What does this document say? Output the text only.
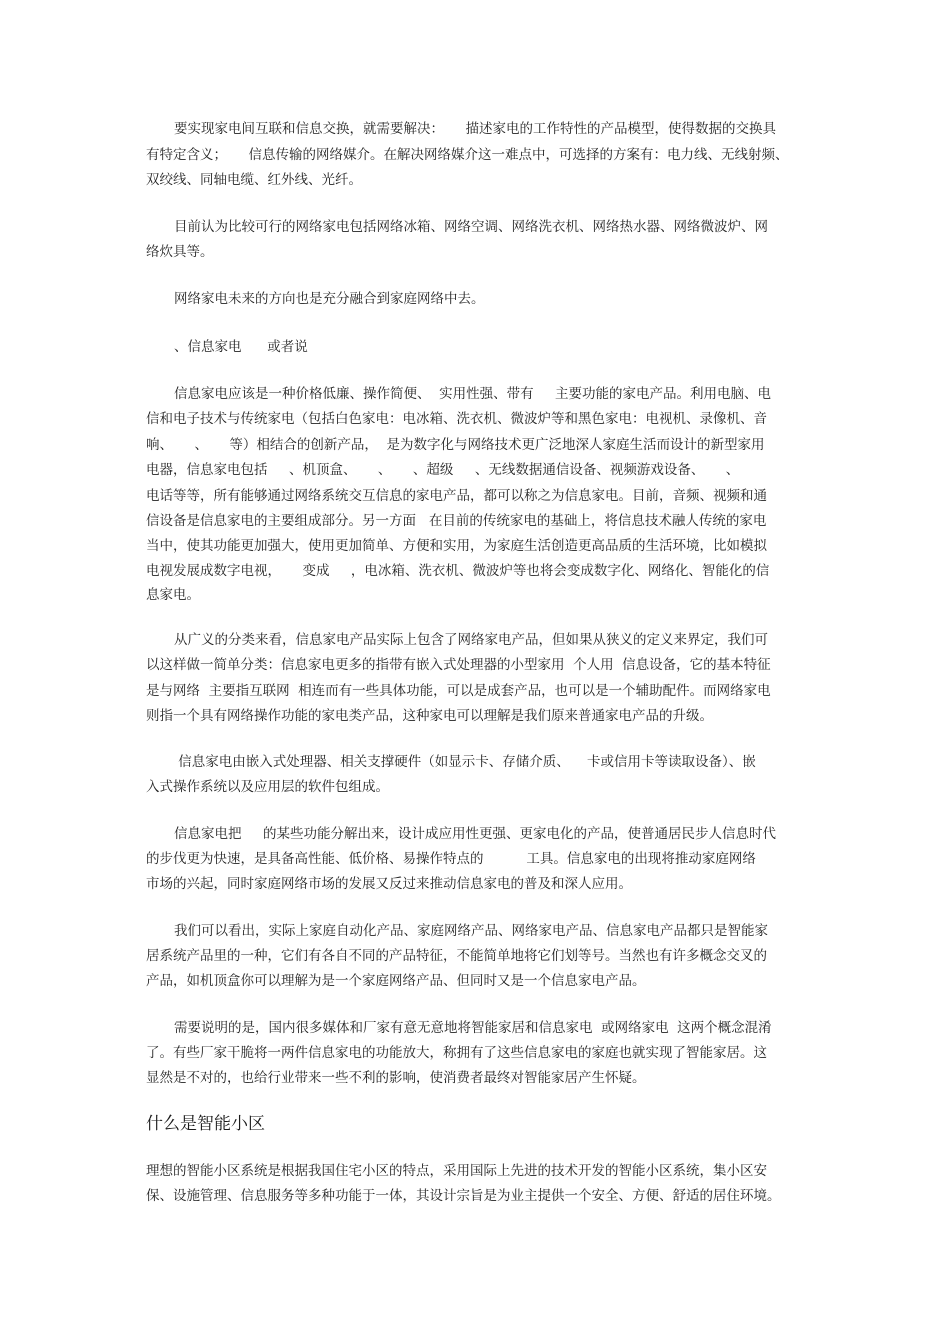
要实现家电间互联和信息交换，就需要解决：     描述家电的工作特性的产品模型，使得数据的交换具
有特定含义；     信息传输的网络媒介。在解决网络媒介这一难点中，可选择的方案有：电力线、无线射频、
双绞线、同轴电缆、红外线、光纤。
目前认为比较可行的网络家电包括网络冰箱、网络空调、网络洗衣机、网络热水器、网络微波炉、网
络炊具等。
网络家电未来的方向也是充分融合到家庭网络中去。
、信息家电      或者说
信息家电应该是一种价格低廉、操作简便、  实用性强、带有     主要功能的家电产品。利用电脑、电
信和电子技术与传统家电（包括白色家电：电冰箱、洗衣机、微波炉等和黑色家电：电视机、录像机、音
响、     、     等）相结合的创新产品，  是为数字化与网络技术更广泛地深人家庭生活而设计的新型家用
电器，信息家电包括     、机顶盒、     、     、超级     、无线数据通信设备、视频游戏设备、     、
电话等等，所有能够通过网络系统交互信息的家电产品，都可以称之为信息家电。目前，音频、视频和通
信设备是信息家电的主要组成部分。另一方面   在目前的传统家电的基础上，将信息技术融人传统的家电
当中，使其功能更加强大，使用更加简单、方便和实用，为家庭生活创造更高品质的生活环境，比如模拟
电视发展成数字电视，     变成     ，电冰箱、洗衣机、微波炉等也将会变成数字化、网络化、智能化的信
息家电。
从广义的分类来看，信息家电产品实际上包含了网络家电产品，但如果从狭义的定义来界定，我们可
以这样做一简单分类：信息家电更多的指带有嵌入式处理器的小型家用  个人用  信息设备，它的基本特征
是与网络  主要指互联网  相连而有一些具体功能，可以是成套产品，也可以是一个辅助配件。而网络家电
则指一个具有网络操作功能的家电类产品，这种家电可以理解是我们原来普通家电产品的升级。
信息家电由嵌入式处理器、相关支撑硬件（如显示卡、存储介质、    卡或信用卡等读取设备）、嵌
入式操作系统以及应用层的软件包组成。
信息家电把     的某些功能分解出来，设计成应用性更强、更家电化的产品，使普通居民步人信息时代
的步伐更为快速，是具备高性能、低价格、易操作特点的          工具。信息家电的出现将推动家庭网络
市场的兴起，同时家庭网络市场的发展又反过来推动信息家电的普及和深人应用。
我们可以看出，实际上家庭自动化产品、家庭网络产品、网络家电产品、信息家电产品都只是智能家
居系统产品里的一种，它们有各自不同的产品特征，不能简单地将它们划等号。当然也有许多概念交叉的
产品，如机顶盒你可以理解为是一个家庭网络产品、但同时又是一个信息家电产品。
需要说明的是，国内很多媒体和厂家有意无意地将智能家居和信息家电  或网络家电  这两个概念混淆
了。有些厂家干脆将一两件信息家电的功能放大，称拥有了这些信息家电的家庭也就实现了智能家居。这
显然是不对的，也给行业带来一些不利的影响，使消费者最终对智能家居产生怀疑。
什么是智能小区
理想的智能小区系统是根据我国住宅小区的特点，采用国际上先进的技术开发的智能小区系统，集小区安
保、设施管理、信息服务等多种功能于一体，其设计宗旨是为业主提供一个安全、方便、舒适的居住环境。
